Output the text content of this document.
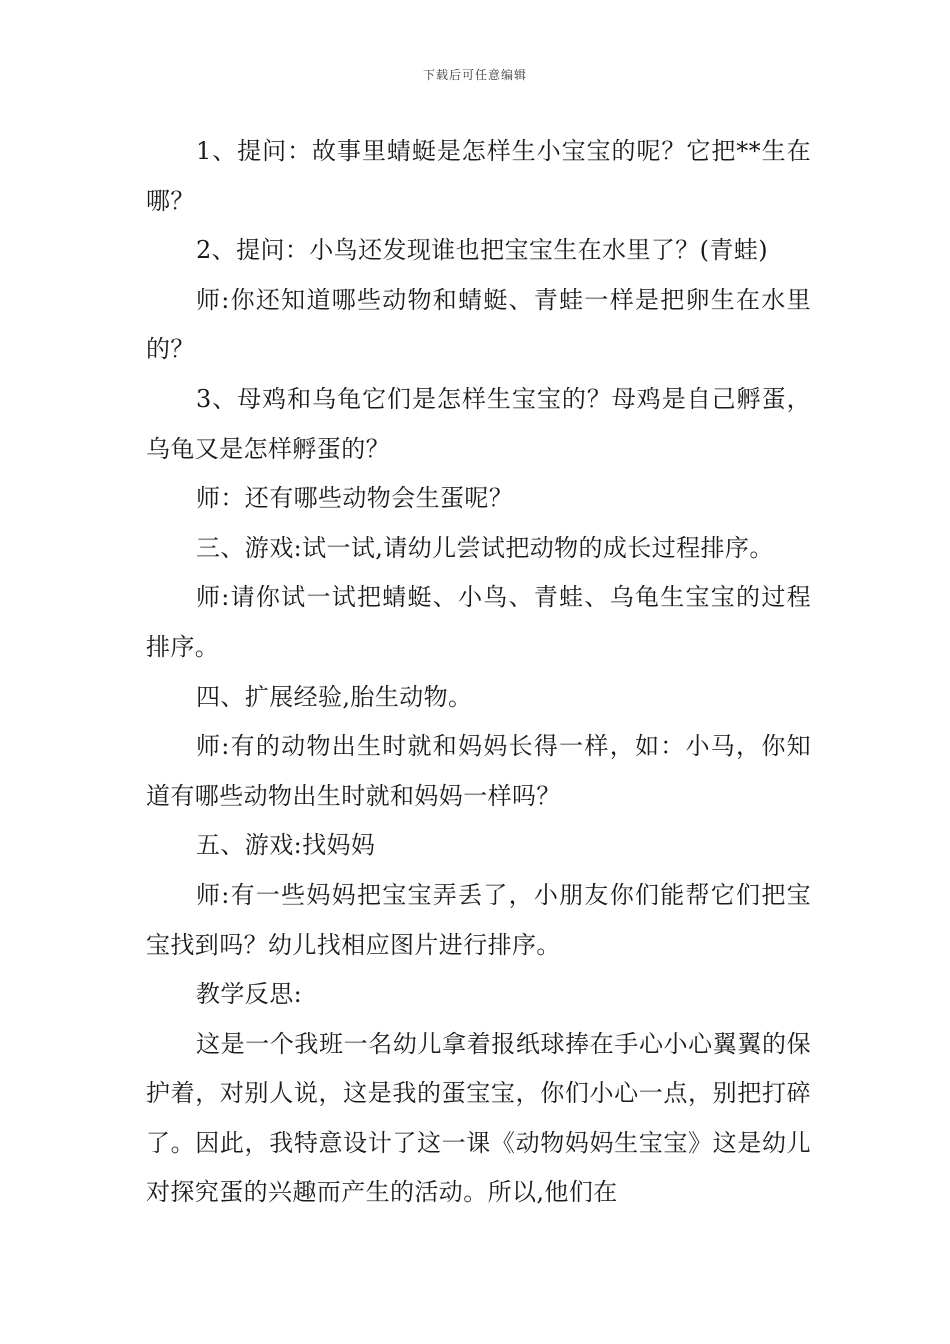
下载后可任意编辑

1、提问：故事里蜻蜓是怎样生小宝宝的呢？它把**生在哪？

2、提问：小鸟还发现谁也把宝宝生在水里了？(青蛙)

师:你还知道哪些动物和蜻蜓、青蛙一样是把卵生在水里的？

3、母鸡和乌龟它们是怎样生宝宝的？母鸡是自己孵蛋，乌龟又是怎样孵蛋的？

师：还有哪些动物会生蛋呢？

三、游戏:试一试,请幼儿尝试把动物的成长过程排序。

师:请你试一试把蜻蜓、小鸟、青蛙、乌龟生宝宝的过程排序。

四、扩展经验,胎生动物。

师:有的动物出生时就和妈妈长得一样，如：小马，你知道有哪些动物出生时就和妈妈一样吗？

五、游戏:找妈妈

师:有一些妈妈把宝宝弄丢了，小朋友你们能帮它们把宝宝找到吗？幼儿找相应图片进行排序。

教学反思:

这是一个我班一名幼儿拿着报纸球捧在手心小心翼翼的保护着，对别人说，这是我的蛋宝宝，你们小心一点，别把打碎了。因此，我特意设计了这一课《动物妈妈生宝宝》这是幼儿对探究蛋的兴趣而产生的活动。所以,他们在
